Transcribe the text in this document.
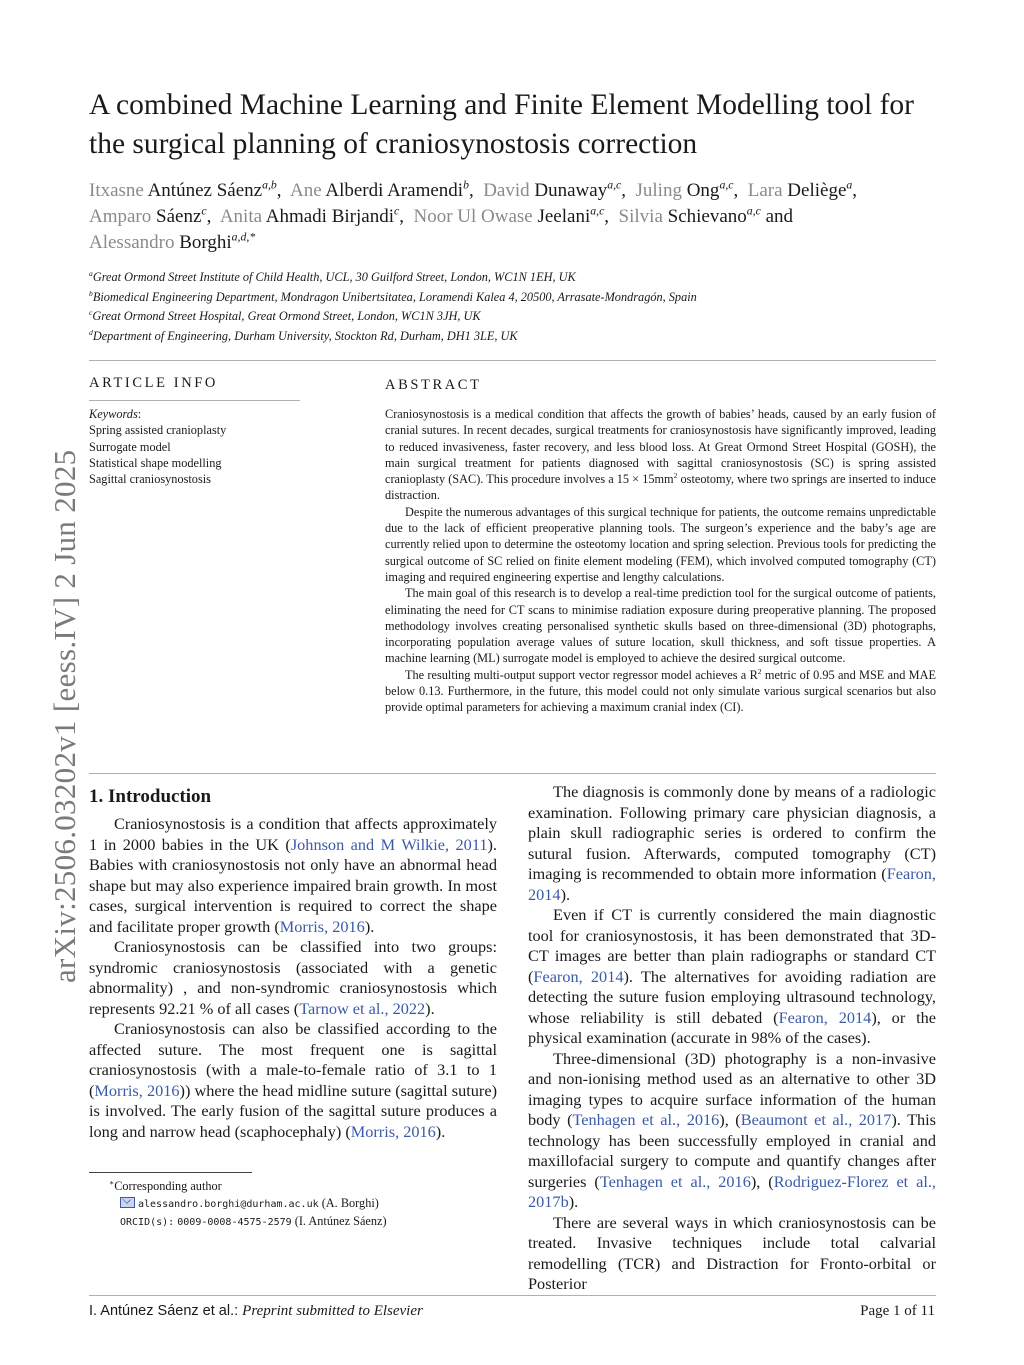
arXiv:2506.03202v1 [eess.IV] 2 Jun 2025
A combined Machine Learning and Finite Element Modelling tool for the surgical planning of craniosynostosis correction
Itxasne Antúnez Sáenz$^{a,b}$,  Ane Alberdi Aramendi$^b$,  David Dunaway$^{a,c}$,  Juling Ong$^{a,c}$,  Lara Deliège$^a$,
Amparo Sáenz$^c$,  Anita Ahmadi Birjandi$^c$,  Noor Ul Owase Jeelani$^{a,c}$,  Silvia Schievano$^{a,c}$ and
Alessandro Borghi$^{a,d,*}$
$^a$Great Ormond Street Institute of Child Health, UCL, 30 Guilford Street, London, WC1N 1EH, UK
$^b$Biomedical Engineering Department, Mondragon Unibertsitatea, Loramendi Kalea 4, 20500, Arrasate-Mondragón, Spain
$^c$Great Ormond Street Hospital, Great Ormond Street, London, WC1N 3JH, UK
$^d$Department of Engineering, Durham University, Stockton Rd, Durham, DH1 3LE, UK
ARTICLE INFO
Keywords:
Spring assisted cranioplasty
Surrogate model
Statistical shape modelling
Sagittal craniosynostosis
ABSTRACT

Craniosynostosis is a medical condition that affects the growth of babies’ heads, caused by an early fusion of cranial sutures. In recent decades, surgical treatments for craniosynostosis have significantly improved, leading to reduced invasiveness, faster recovery, and less blood loss. At Great Ormond Street Hospital (GOSH), the main surgical treatment for patients diagnosed with sagittal craniosynostosis (SC) is spring assisted cranioplasty (SAC). This procedure involves a $15 \times 15mm^2$ osteotomy, where two springs are inserted to induce distraction.

Despite the numerous advantages of this surgical technique for patients, the outcome remains unpredictable due to the lack of efficient preoperative planning tools. The surgeon’s experience and the baby’s age are currently relied upon to determine the osteotomy location and spring selection. Previous tools for predicting the surgical outcome of SC relied on finite element modeling (FEM), which involved computed tomography (CT) imaging and required engineering expertise and lengthy calculations.

The main goal of this research is to develop a real-time prediction tool for the surgical outcome of patients, eliminating the need for CT scans to minimise radiation exposure during preoperative planning. The proposed methodology involves creating personalised synthetic skulls based on three-dimensional (3D) photographs, incorporating population average values of suture location, skull thickness, and soft tissue properties. A machine learning (ML) surrogate model is employed to achieve the desired surgical outcome.

The resulting multi-output support vector regressor model achieves a $R^2$ metric of 0.95 and MSE and MAE below 0.13. Furthermore, in the future, this model could not only simulate various surgical scenarios but also provide optimal parameters for achieving a maximum cranial index (CI).

1. Introduction

Craniosynostosis is a condition that affects approximately 1 in 2000 babies in the UK (Johnson and M Wilkie, 2011). Babies with craniosynostosis not only have an abnormal head shape but may also experience impaired brain growth. In most cases, surgical intervention is required to correct the shape and facilitate proper growth (Morris, 2016).

Craniosynostosis can be classified into two groups: syndromic craniosynostosis (associated with a genetic abnormality) , and non-syndromic craniosynostosis which represents 92.21 % of all cases (Tarnow et al., 2022).

Craniosynostosis can also be classified according to the affected suture. The most frequent one is sagittal craniosynostosis (with a male-to-female ratio of 3.1 to 1 (Morris, 2016)) where the head midline suture (sagittal suture) is involved. The early fusion of the sagittal suture produces a long and narrow head (scaphocephaly) (Morris, 2016).

The diagnosis is commonly done by means of a radiologic examination. Following primary care physician diagnosis, a plain skull radiographic series is ordered to confirm the sutural fusion. Afterwards, computed tomography (CT) imaging is recommended to obtain more information (Fearon, 2014).

Even if CT is currently considered the main diagnostic tool for craniosynostosis, it has been demonstrated that 3D-CT images are better than plain radiographs or standard CT (Fearon, 2014). The alternatives for avoiding radiation are detecting the suture fusion employing ultrasound technology, whose reliability is still debated (Fearon, 2014), or the physical examination (accurate in 98% of the cases).

Three-dimensional (3D) photography is a non-invasive and non-ionising method used as an alternative to other 3D imaging types to acquire surface information of the human body (Tenhagen et al., 2016), (Beaumont et al., 2017). This technology has been successfully employed in cranial and maxillofacial surgery to compute and quantify changes after surgeries (Tenhagen et al., 2016), (Rodriguez-Florez et al., 2017b).

There are several ways in which craniosynostosis can be treated. Invasive techniques include total calvarial remodelling (TCR) and Distraction for Fronto-orbital or Posterior

∗Corresponding author
alessandro.borghi@durham.ac.uk (A. Borghi)
ORCID(s): 0009-0008-4575-2579 (I. Antúnez Sáenz)
I. Antúnez Sáenz et al.: Preprint submitted to Elsevier	Page 1 of 11
